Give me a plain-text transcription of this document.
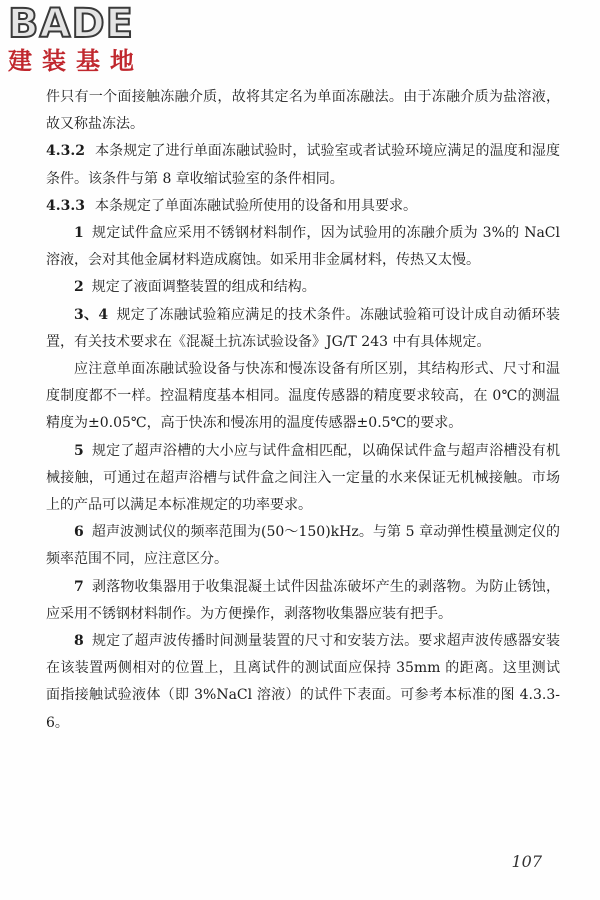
BADE
建装基地

件只有一个面接触冻融介质，故将其定名为单面冻融法。由于冻融介质为盐溶液，故又称盐冻法。

4.3.2 本条规定了进行单面冻融试验时，试验室或者试验环境应满足的温度和湿度条件。该条件与第 8 章收缩试验室的条件相同。

4.3.3 本条规定了单面冻融试验所使用的设备和用具要求。

1 规定试件盒应采用不锈钢材料制作，因为试验用的冻融介质为 3%的 NaCl 溶液，会对其他金属材料造成腐蚀。如采用非金属材料，传热又太慢。

2 规定了液面调整装置的组成和结构。

3、4 规定了冻融试验箱应满足的技术条件。冻融试验箱可设计成自动循环装置，有关技术要求在《混凝土抗冻试验设备》JG/T 243 中有具体规定。

应注意单面冻融试验设备与快冻和慢冻设备有所区别，其结构形式、尺寸和温度制度都不一样。控温精度基本相同。温度传感器的精度要求较高，在 0℃的测温精度为±0.05℃，高于快冻和慢冻用的温度传感器±0.5℃的要求。

5 规定了超声浴槽的大小应与试件盒相匹配，以确保试件盒与超声浴槽没有机械接触，可通过在超声浴槽与试件盒之间注入一定量的水来保证无机械接触。市场上的产品可以满足本标准规定的功率要求。

6 超声波测试仪的频率范围为(50～150)kHz。与第 5 章动弹性模量测定仪的频率范围不同，应注意区分。

7 剥落物收集器用于收集混凝土试件因盐冻破坏产生的剥落物。为防止锈蚀，应采用不锈钢材料制作。为方便操作，剥落物收集器应装有把手。

8 规定了超声波传播时间测量装置的尺寸和安装方法。要求超声波传感器安装在该装置两侧相对的位置上，且离试件的测试面应保持 35mm 的距离。这里测试面指接触试验液体（即 3%NaCl 溶液）的试件下表面。可参考本标准的图 4.3.3-6。

107
